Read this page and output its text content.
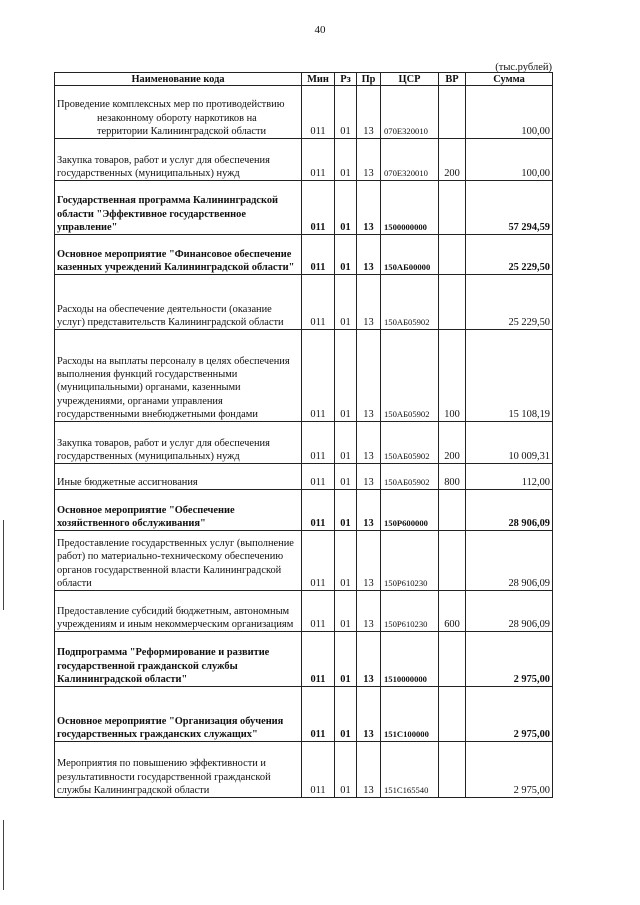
40
(тыс.рублей)
Наименование кода	Мин	Рз	Пр	ЦСР	ВР	Сумма

Проведение комплексных мер по противодействию незаконному обороту наркотиков на территории Калининградской области	011	01	13	070Е320010		100,00
Закупка товаров, работ и услуг для обеспечения государственных (муниципальных) нужд	011	01	13	070Е320010	200	100,00
Государственная программа Калининградской области "Эффективное государственное управление"	011	01	13	1500000000		57 294,59
Основное мероприятие "Финансовое обеспечение казенных учреждений Калининградской области"	011	01	13	150АБ00000		25 229,50
Расходы на обеспечение деятельности (оказание услуг) представительств Калининградской области	011	01	13	150АБ05902		25 229,50
Расходы на выплаты персоналу в целях обеспечения выполнения функций государственными (муниципальными) органами, казенными учреждениями, органами управления государственными внебюджетными фондами	011	01	13	150АБ05902	100	15 108,19
Закупка товаров, работ и услуг для обеспечения государственных (муниципальных) нужд	011	01	13	150АБ05902	200	10 009,31
Иные бюджетные ассигнования	011	01	13	150АБ05902	800	112,00
Основное мероприятие "Обеспечение хозяйственного обслуживания"	011	01	13	150Р600000		28 906,09
Предоставление государственных услуг (выполнение работ) по материально-техническому обеспечению органов государственной власти Калининградской области	011	01	13	150Р610230		28 906,09
Предоставление субсидий бюджетным, автономным учреждениям и иным некоммерческим организациям	011	01	13	150Р610230	600	28 906,09
Подпрограмма "Реформирование и развитие государственной гражданской службы Калининградской области"	011	01	13	1510000000		2 975,00
Основное мероприятие "Организация обучения государственных гражданских служащих"	011	01	13	151С100000		2 975,00
Мероприятия по повышению эффективности и результативности государственной гражданской службы Калининградской области	011	01	13	151С165540		2 975,00
